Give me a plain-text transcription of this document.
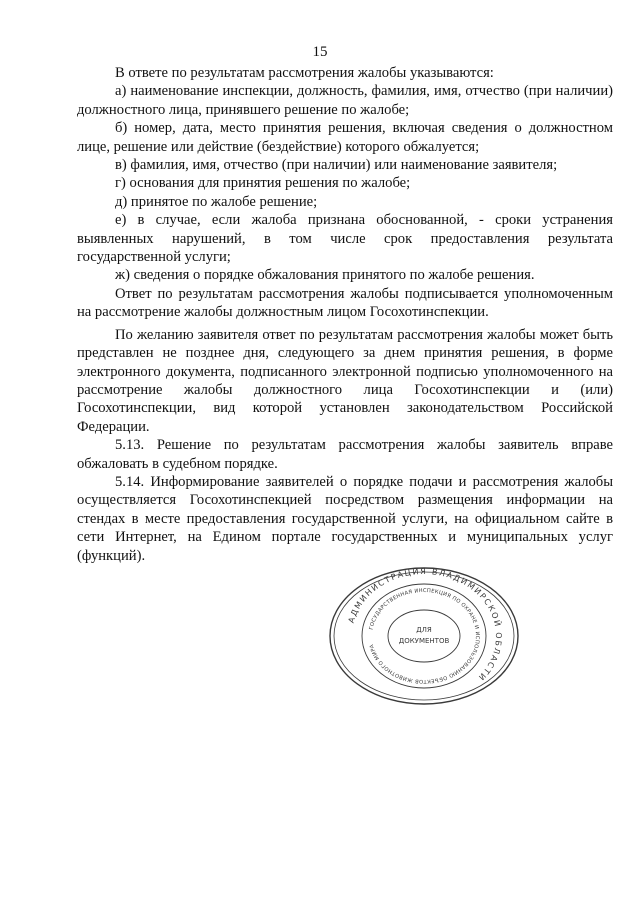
15

В ответе по результатам рассмотрения жалобы указываются:

а) наименование инспекции, должность, фамилия, имя, отчество (при наличии) должностного лица, принявшего решение по жалобе;

б) номер, дата, место принятия решения, включая сведения о должностном лице, решение или действие (бездействие) которого обжалуется;

в) фамилия, имя, отчество (при наличии) или наименование заявителя;

г) основания для принятия решения по жалобе;

д) принятое по жалобе решение;

е) в случае, если жалоба признана обоснованной, - сроки устранения выявленных нарушений, в том числе срок предоставления результата государственной услуги;

ж) сведения о порядке обжалования принятого по жалобе решения.

Ответ по результатам рассмотрения жалобы подписывается уполномоченным на рассмотрение жалобы должностным лицом Госохотинспекции.

По желанию заявителя ответ по результатам рассмотрения жалобы может быть представлен не позднее дня, следующего за днем принятия решения, в форме электронного документа, подписанного электронной подписью уполномоченного на рассмотрение жалобы должностного лица Госохотинспекции и (или) Госохотинспекции, вид которой установлен законодательством Российской Федерации.

5.13. Решение по результатам рассмотрения жалобы заявитель вправе обжаловать в судебном порядке.

5.14. Информирование заявителей о порядке подачи и рассмотрения жалобы осуществляется Госохотинспекцией посредством размещения информации на стендах в месте предоставления государственной услуги, на официальном сайте в сети Интернет, на Едином портале государственных и муниципальных услуг (функций).

АДМИНИСТРАЦИЯ ВЛАДИМИРСКОЙ ОБЛАСТИ
ГОСУДАРСТВЕННАЯ ИНСПЕКЦИЯ ПО ОХРАНЕ И ИСПОЛЬЗОВАНИЮ ОБЪЕКТОВ ЖИВОТНОГО МИРА
ДЛЯ
ДОКУМЕНТОВ
